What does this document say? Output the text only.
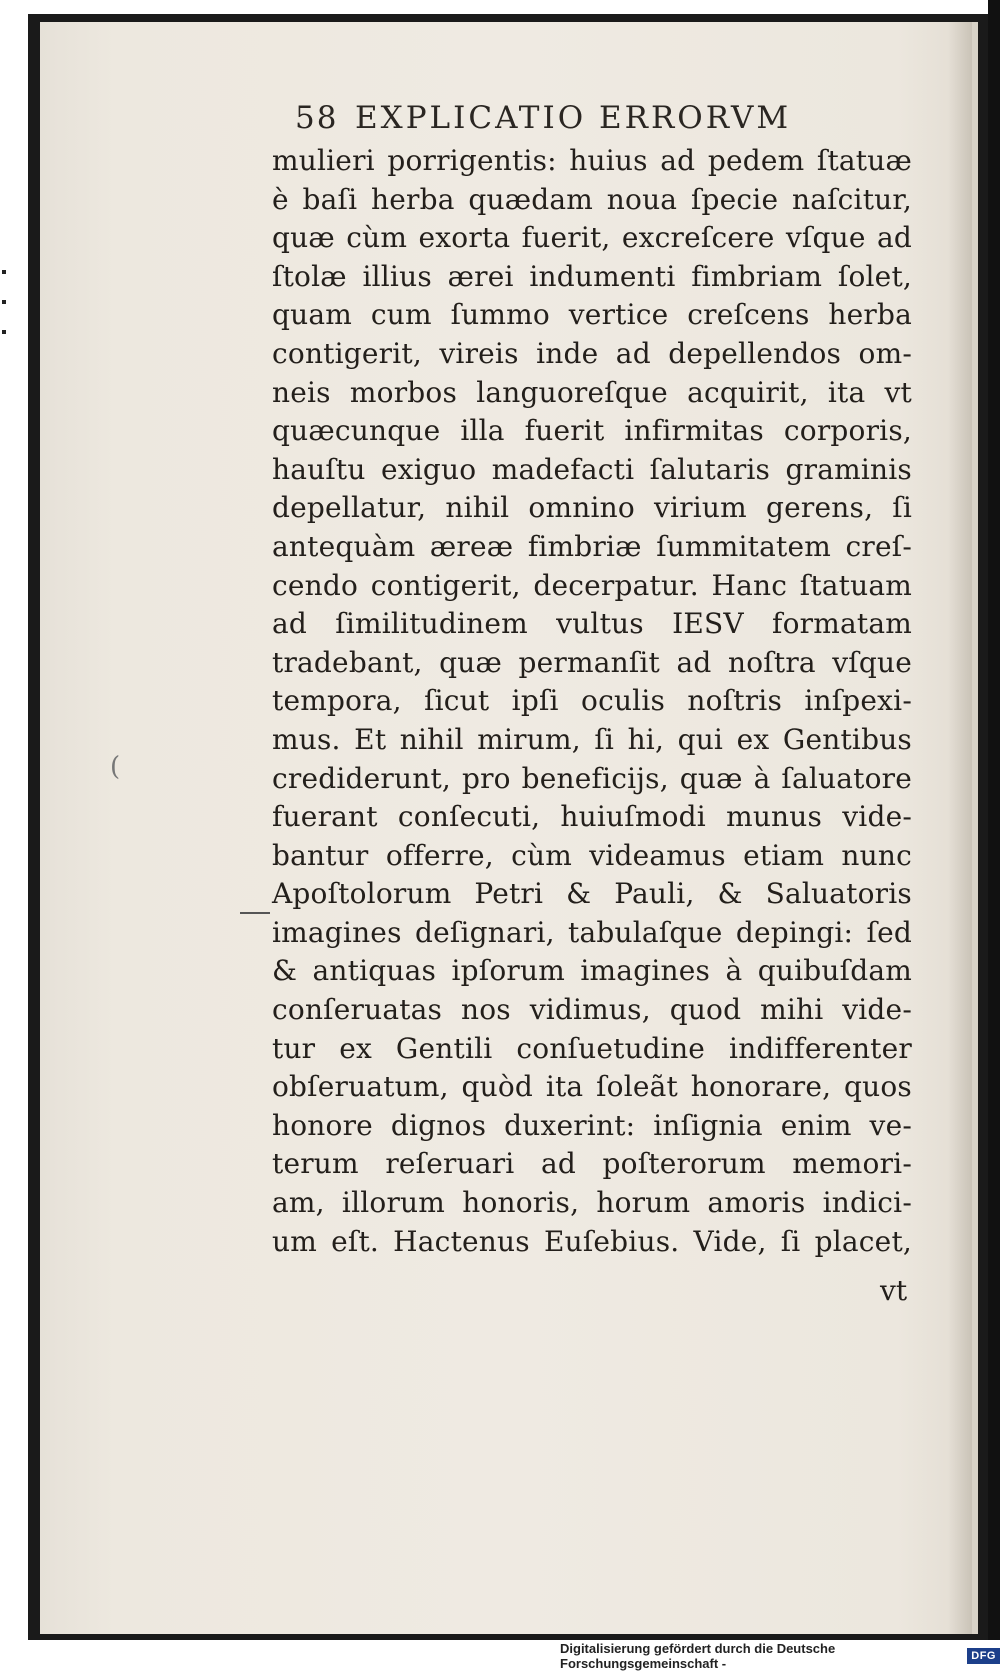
(
58 EXPLICATIO ERRORVM
mulieri porrigentis: huius ad pedem ſtatuæ
è baſi herba quædam noua ſpecie naſcitur,
quæ cùm exorta fuerit, excreſcere vſque ad
ſtolæ illius ærei indumenti fimbriam ſolet,
quam cum ſummo vertice creſcens herba
contigerit, vireis inde ad depellendos om-
neis morbos languoreſque acquirit, ita vt
quæcunque illa fuerit infirmitas corporis,
hauſtu exiguo madefacti ſalutaris graminis
depellatur, nihil omnino virium gerens, ſi
antequàm æreæ fimbriæ ſummitatem creſ-
cendo contigerit, decerpatur. Hanc ſtatuam
ad ſimilitudinem vultus IESV formatam
tradebant, quæ permanſit ad noſtra vſque
tempora, ſicut ipſi oculis noſtris inſpexi-
mus. Et nihil mirum, ſi hi, qui ex Gentibus
crediderunt, pro beneficijs, quæ à ſaluatore
fuerant conſecuti, huiuſmodi munus vide-
bantur offerre, cùm videamus etiam nunc
Apoſtolorum Petri & Pauli, & Saluatoris
imagines deſignari, tabulaſque depingi: ſed
& antiquas ipſorum imagines à quibuſdam
conſeruatas nos vidimus, quod mihi vide-
tur ex Gentili conſuetudine indifferenter
obſeruatum, quòd ita ſoleãt honorare, quos
honore dignos duxerint: inſignia enim ve-
terum reſeruari ad poſterorum memori-
am, illorum honoris, horum amoris indici-
um eſt. Hactenus Euſebius. Vide, ſi placet,
vt
Digitalisierung gefördert durch die Deutsche Forschungsgemeinschaft -	DFG
